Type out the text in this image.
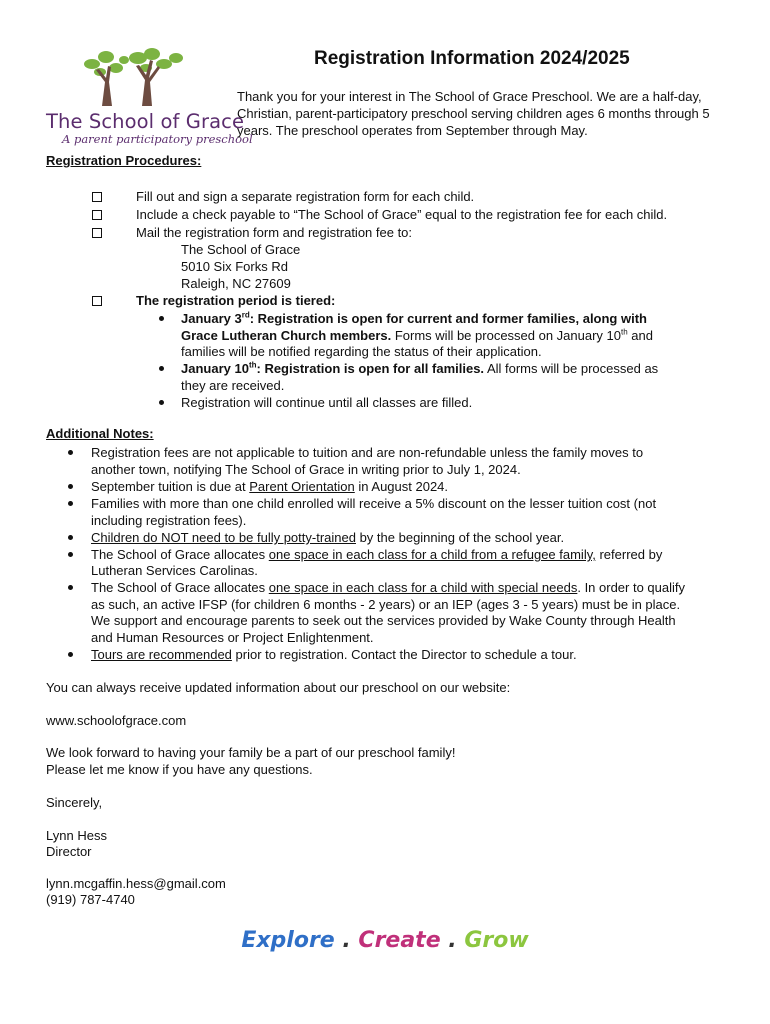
The School of Grace
A parent participatory preschool
Registration Information 2024/2025

Thank you for your interest in The School of Grace Preschool. We are a half-day, Christian, parent-participatory preschool serving children ages 6 months through 5 years. The preschool operates from September through May.

Registration Procedures:

Fill out and sign a separate registration form for each child.
Include a check payable to “The School of Grace” equal to the registration fee for each child.
Mail the registration form and registration fee to:
The School of Grace
5010 Six Forks Rd
Raleigh, NC 27609
The registration period is tiered:
January 3rd: Registration is open for current and former families, along with
Grace Lutheran Church members. Forms will be processed on January 10th and
families will be notified regarding the status of their application.
January 10th: Registration is open for all families. All forms will be processed as
they are received.
Registration will continue until all classes are filled.

Additional Notes:

Registration fees are not applicable to tuition and are non-refundable unless the family moves to
another town, notifying The School of Grace in writing prior to July 1, 2024.
September tuition is due at Parent Orientation in August 2024.
Families with more than one child enrolled will receive a 5% discount on the lesser tuition cost (not
including registration fees).
Children do NOT need to be fully potty-trained by the beginning of the school year.
The School of Grace allocates one space in each class for a child from a refugee family, referred by
Lutheran Services Carolinas.
The School of Grace allocates one space in each class for a child with special needs. In order to qualify
as such, an active IFSP (for children 6 months - 2 years) or an IEP (ages 3 - 5 years) must be in place.
We support and encourage parents to seek out the services provided by Wake County through Health
and Human Resources or Project Enlightenment.
Tours are recommended prior to registration. Contact the Director to schedule a tour.
You can always receive updated information about our preschool on our website:
www.schoolofgrace.com
We look forward to having your family be a part of our preschool family!
Please let me know if you have any questions.
Sincerely,
Lynn Hess
Director
lynn.mcgaffin.hess@gmail.com
(919) 787-4740
Explore . Create . Grow
